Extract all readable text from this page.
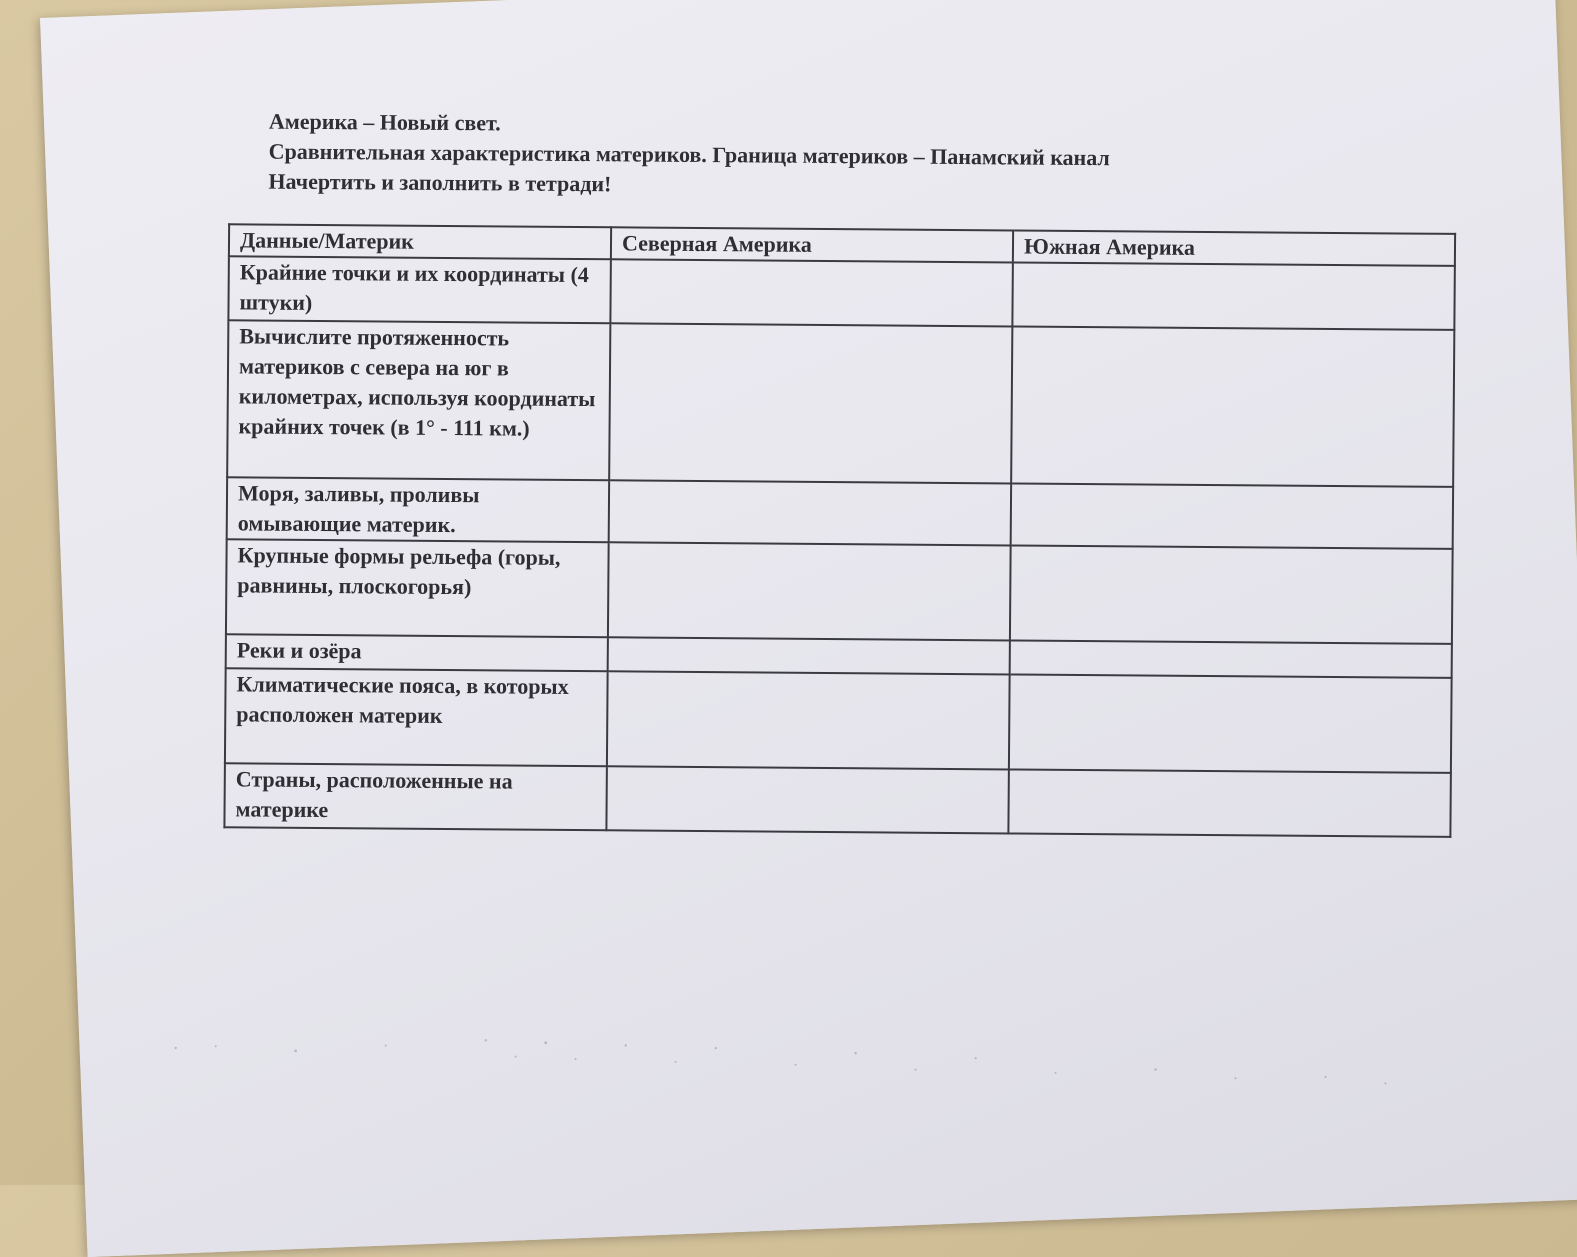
Америка – Новый свет.
Сравнительная характеристика материков. Граница материков – Панамский канал
Начертить и заполнить в тетради!
Данные/Материк	Северная Америка	Южная Америка
Крайние точки и их координаты (4 штуки)		
Вычислите протяженность материков с севера на юг в километрах, используя координаты крайних точек (в 1° - 111 км.)		
Моря, заливы, проливы омывающие материк.		
Крупные формы рельефа (горы, равнины, плоскогорья)		
Реки и озёра		
Климатические пояса, в которых расположен материк		
Страны, расположенные на материке		
